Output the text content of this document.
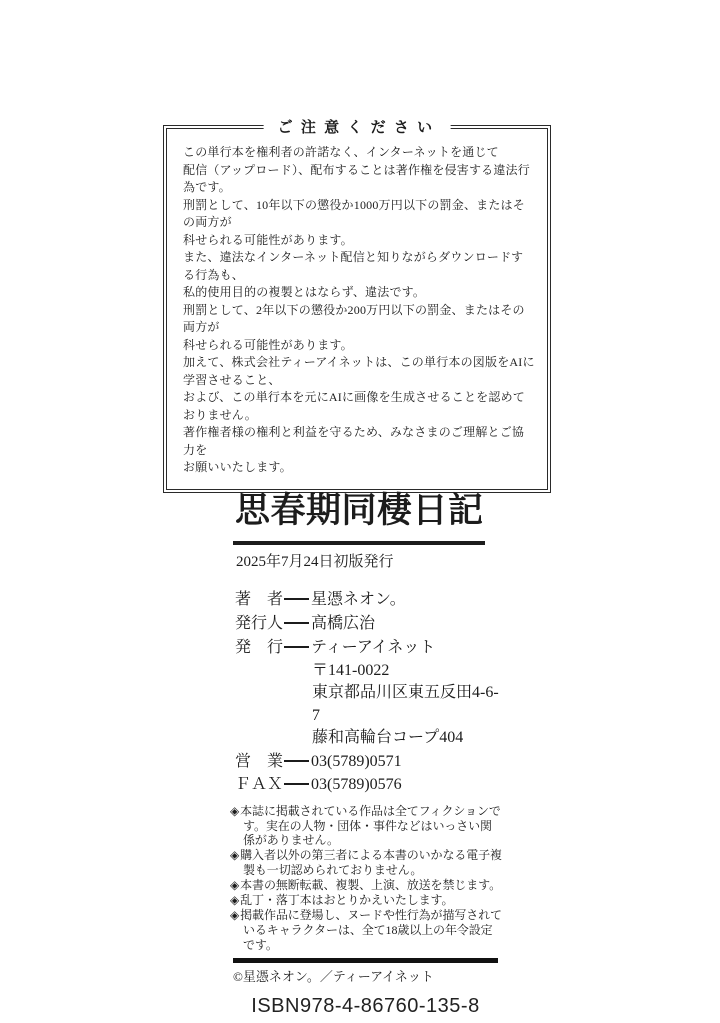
ご注意ください
この単行本を権利者の許諾なく、インターネットを通じて
配信（アップロード）、配布することは著作権を侵害する違法行為です。
刑罰として、10年以下の懲役か1000万円以下の罰金、またはその両方が
科せられる可能性があります。
また、違法なインターネット配信と知りながらダウンロードする行為も、
私的使用目的の複製とはならず、違法です。
刑罰として、2年以下の懲役か200万円以下の罰金、またはその両方が
科せられる可能性があります。
加えて、株式会社ティーアイネットは、この単行本の図版をAIに学習させること、
および、この単行本を元にAIに画像を生成させることを認めておりません。
著作権者様の権利と利益を守るため、みなさまのご理解とご協力を
お願いいたします。
思春期同棲日記
2025年7月24日初版発行
著　者 星憑ネオン。
発行人 高橋広治
発　行 ティーアイネット
〒141-0022
東京都品川区東五反田4-6-7
藤和高輪台コープ404
営　業 03(5789)0571
ＦＡＸ 03(5789)0576
◈本誌に掲載されている作品は全てフィクションです。実在の人物・団体・事件などはいっさい関係がありません。
◈購入者以外の第三者による本書のいかなる電子複製も一切認められておりません。
◈本書の無断転載、複製、上演、放送を禁じます。
◈乱丁・落丁本はおとりかえいたします。
◈掲載作品に登場し、ヌードや性行為が描写されているキャラクターは、全て18歳以上の年令設定です。
©星憑ネオン。／ティーアイネット
ISBN978-4-86760-135-8
